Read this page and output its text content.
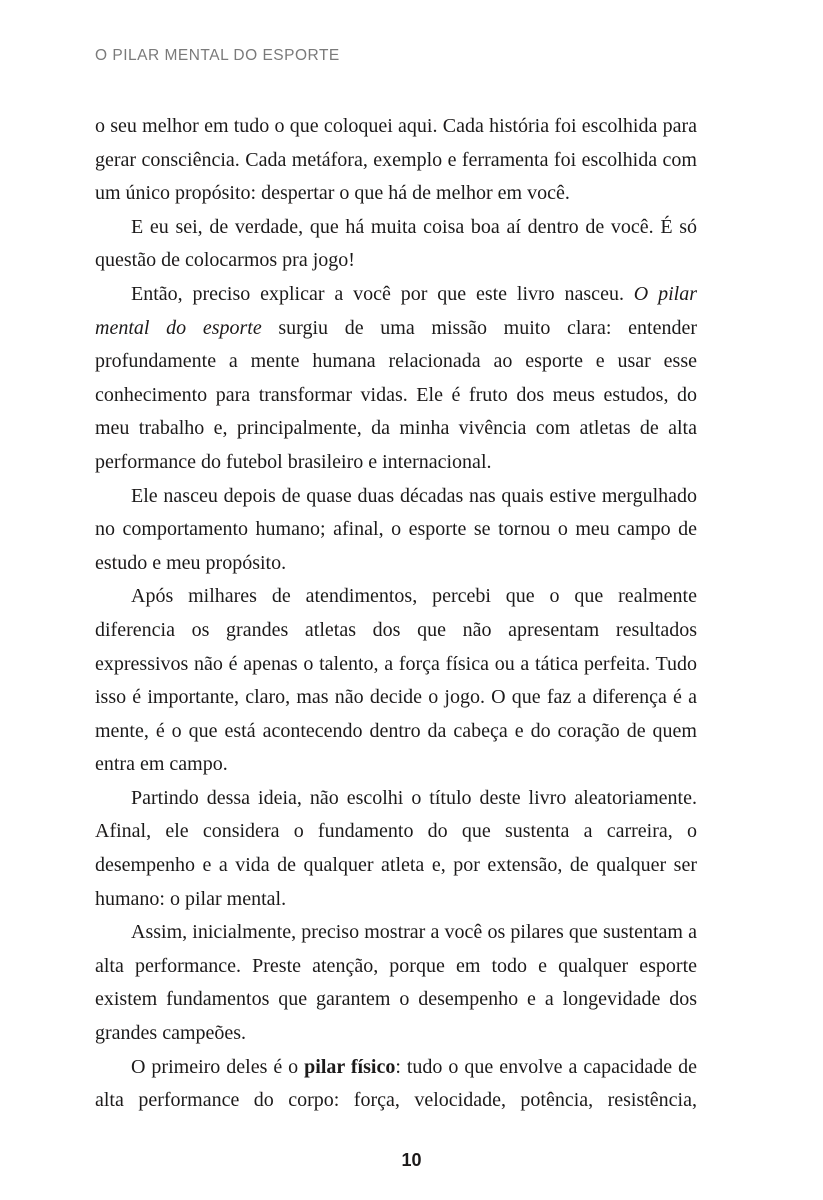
O PILAR MENTAL DO ESPORTE

o seu melhor em tudo o que coloquei aqui. Cada história foi escolhida para gerar consciência. Cada metáfora, exemplo e ferramenta foi escolhida com um único propósito: despertar o que há de melhor em você.

E eu sei, de verdade, que há muita coisa boa aí dentro de você. É só questão de colocarmos pra jogo!

Então, preciso explicar a você por que este livro nasceu. O pilar mental do esporte surgiu de uma missão muito clara: entender profundamente a mente humana relacionada ao esporte e usar esse conhecimento para transformar vidas. Ele é fruto dos meus estudos, do meu trabalho e, principalmente, da minha vivência com atletas de alta performance do futebol brasileiro e internacional.

Ele nasceu depois de quase duas décadas nas quais estive mergulhado no comportamento humano; afinal, o esporte se tornou o meu campo de estudo e meu propósito.

Após milhares de atendimentos, percebi que o que realmente diferencia os grandes atletas dos que não apresentam resultados expressivos não é apenas o talento, a força física ou a tática perfeita. Tudo isso é importante, claro, mas não decide o jogo. O que faz a diferença é a mente, é o que está acontecendo dentro da cabeça e do coração de quem entra em campo.

Partindo dessa ideia, não escolhi o título deste livro aleatoriamente. Afinal, ele considera o fundamento do que sustenta a carreira, o desempenho e a vida de qualquer atleta e, por extensão, de qualquer ser humano: o pilar mental.

Assim, inicialmente, preciso mostrar a você os pilares que sustentam a alta performance. Preste atenção, porque em todo e qualquer esporte existem fundamentos que garantem o desempenho e a longevidade dos grandes campeões.

O primeiro deles é o pilar físico: tudo o que envolve a capacidade de alta performance do corpo: força, velocidade, potência, resistência,

10
